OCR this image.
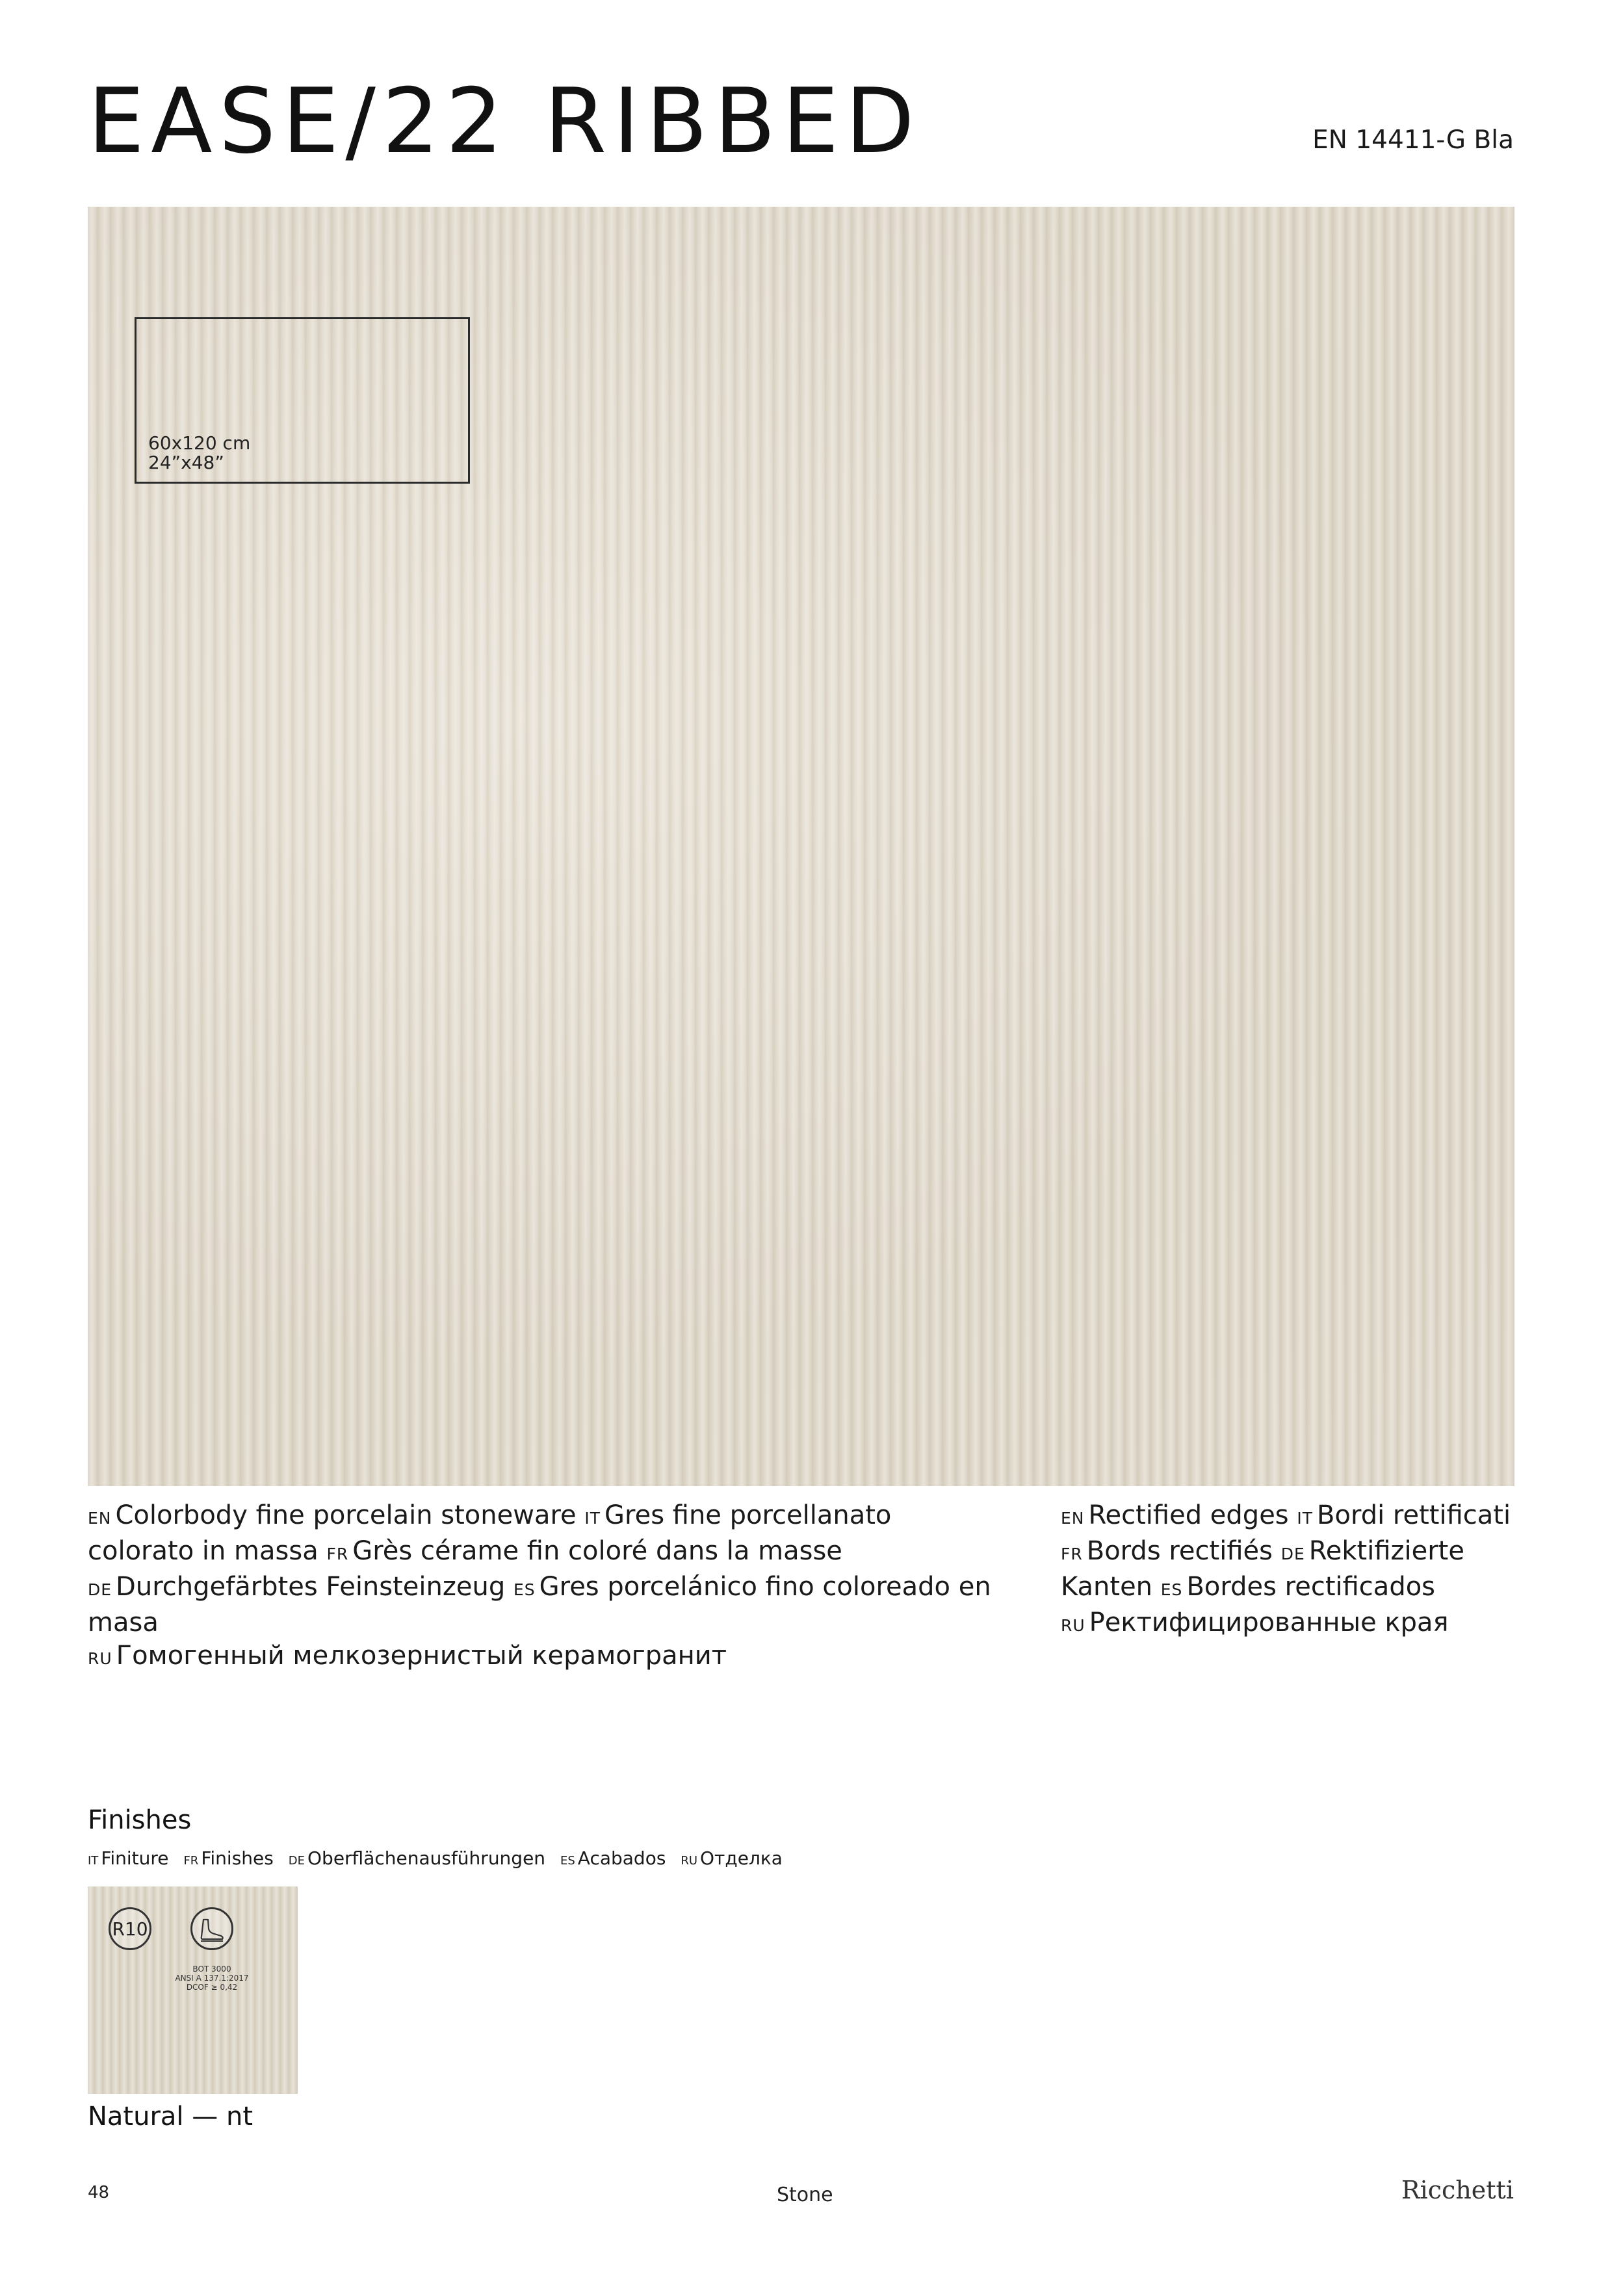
EASE/22 RIBBED	EN 14411-G Bla
60x120 cm
24”x48”
EN Colorbody fine porcelain stoneware IT Gres fine porcellanato colorato in massa FR Grès cérame fin coloré dans la masse DE Durchgefärbtes Feinsteinzeug ES Gres porcelánico fino coloreado en masa
RU Гомогенный мелкозернистый керамогранит
EN Rectified edges IT Bordi rettificati
FR Bords rectifiés DE Rektifizierte Kanten ES Bordes rectificados
RU Ректифицированные края
Finishes
IT Finiture FR Finishes DE Oberflächenausführungen ES Acabados RU Отделка
R10
BOT 3000
ANSI A 137.1:2017
DCOF ≥ 0,42
Natural — nt
48	Stone	Ricchetti
